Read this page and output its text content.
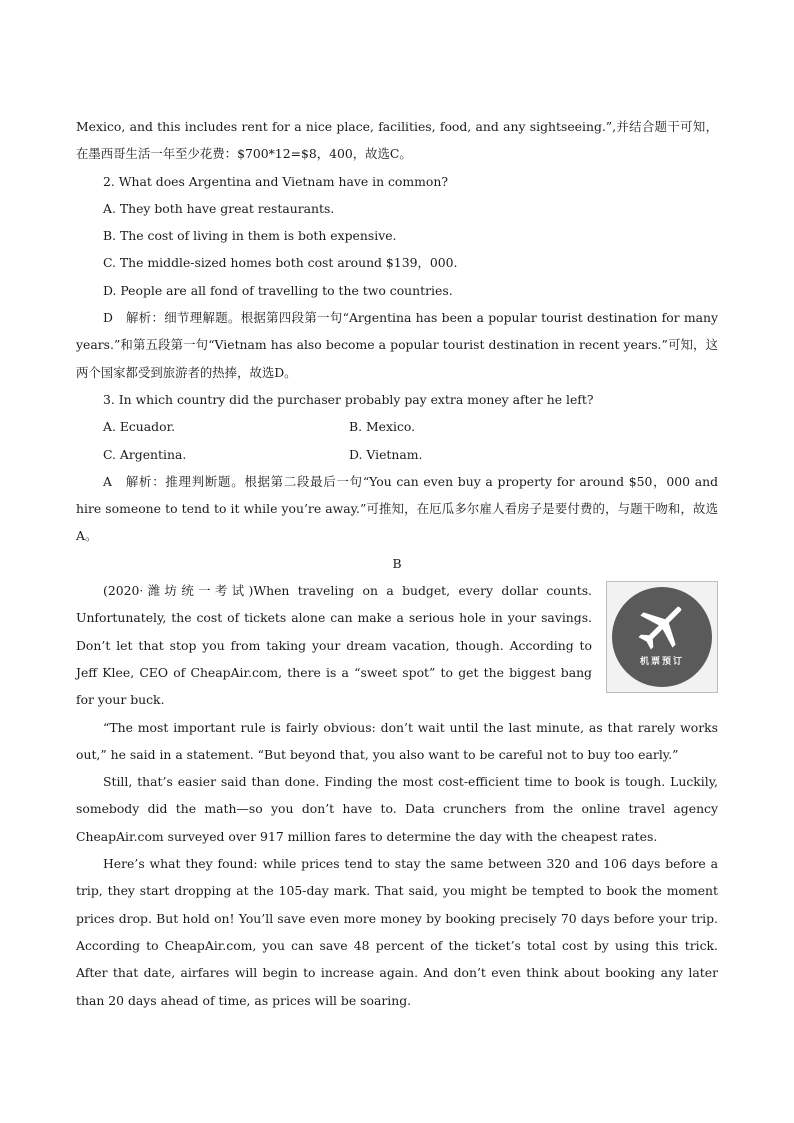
Mexico, and this includes rent for a nice place, facilities, food, and any sightseeing.”,并结合题干可知，在墨西哥生活一年至少花费：$700*12=$8，400，故选C。

2. What does Argentina and Vietnam have in common?

A. They both have great restaurants.

B. The cost of living in them is both expensive.

C. The middle-sized homes both cost around $139，000.

D. People are all fond of travelling to the two countries.

D　解析：细节理解题。根据第四段第一句“Argentina has been a popular tourist destination for many years.”和第五段第一句“Vietnam has also become a popular tourist destination in recent years.”可知，这两个国家都受到旅游者的热捧，故选D。

3. In which country did the purchaser probably pay extra money after he left?

A. Ecuador.	B. Mexico.
C. Argentina.	D. Vietnam.

A　解析：推理判断题。根据第二段最后一句“You can even buy a property for around $50，000 and hire someone to tend to it while you’re away.”可推知，在厄瓜多尔雇人看房子是要付费的，与题干吻和，故选A。

B

机票预订

(2020·潍坊统一考试)When traveling on a budget, every dollar counts. Unfortunately, the cost of tickets alone can make a serious hole in your savings. Don’t let that stop you from taking your dream vacation, though. According to Jeff Klee, CEO of CheapAir.com, there is a “sweet spot” to get the biggest bang for your buck.

“The most important rule is fairly obvious: don’t wait until the last minute, as that rarely works out,” he said in a statement. “But beyond that, you also want to be careful not to buy too early.”

Still, that’s easier said than done. Finding the most cost-efficient time to book is tough. Luckily, somebody did the math—so you don’t have to. Data crunchers from the online travel agency CheapAir.com surveyed over 917 million fares to determine the day with the cheapest rates.

Here’s what they found: while prices tend to stay the same between 320 and 106 days before a trip, they start dropping at the 105-day mark. That said, you might be tempted to book the moment prices drop. But hold on! You’ll save even more money by booking precisely 70 days before your trip. According to CheapAir.com, you can save 48 percent of the ticket’s total cost by using this trick. After that date, airfares will begin to increase again. And don’t even think about booking any later than 20 days ahead of time, as prices will be soaring.
